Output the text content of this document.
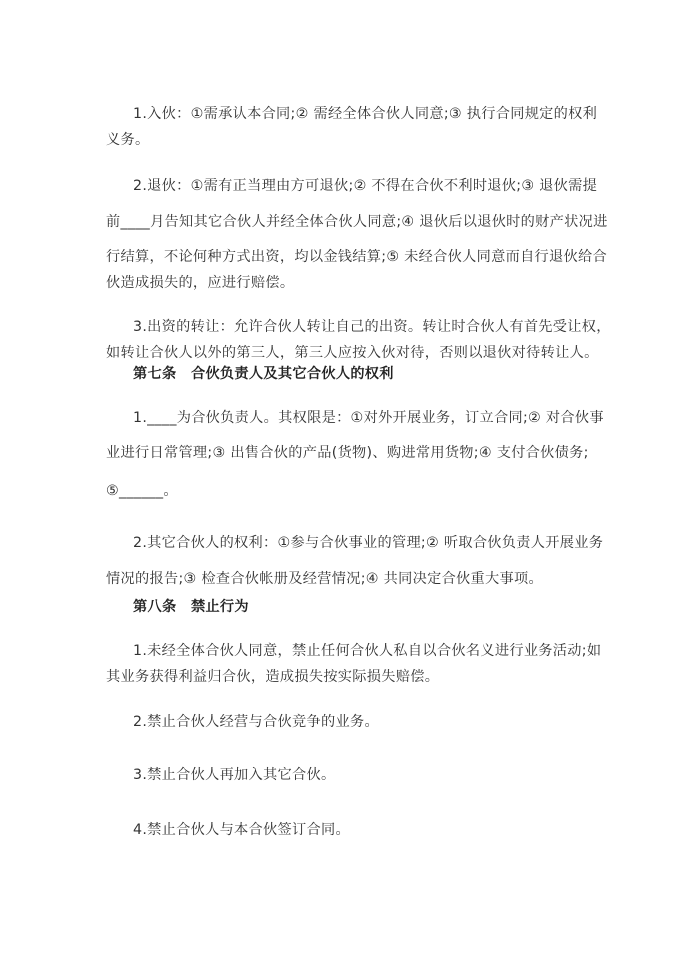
1.入伙：①需承认本合同;② 需经全体合伙人同意;③ 执行合同规定的权利
义务。
2.退伙：①需有正当理由方可退伙;② 不得在合伙不利时退伙;③ 退伙需提
前____月告知其它合伙人并经全体合伙人同意;④ 退伙后以退伙时的财产状况进
行结算，不论何种方式出资，均以金钱结算;⑤ 未经合伙人同意而自行退伙给合
伙造成损失的，应进行赔偿。
3.出资的转让：允许合伙人转让自己的出资。转让时合伙人有首先受让权，
如转让合伙人以外的第三人，第三人应按入伙对待，否则以退伙对待转让人。
第七条　合伙负责人及其它合伙人的权利
1.____为合伙负责人。其权限是：①对外开展业务，订立合同;② 对合伙事
业进行日常管理;③ 出售合伙的产品(货物)、购进常用货物;④ 支付合伙债务;
⑤______。
2.其它合伙人的权利：①参与合伙事业的管理;② 听取合伙负责人开展业务
情况的报告;③ 检查合伙帐册及经营情况;④ 共同决定合伙重大事项。
第八条　禁止行为
1.未经全体合伙人同意，禁止任何合伙人私自以合伙名义进行业务活动;如
其业务获得利益归合伙，造成损失按实际损失赔偿。
2.禁止合伙人经营与合伙竞争的业务。
3.禁止合伙人再加入其它合伙。
4.禁止合伙人与本合伙签订合同。
